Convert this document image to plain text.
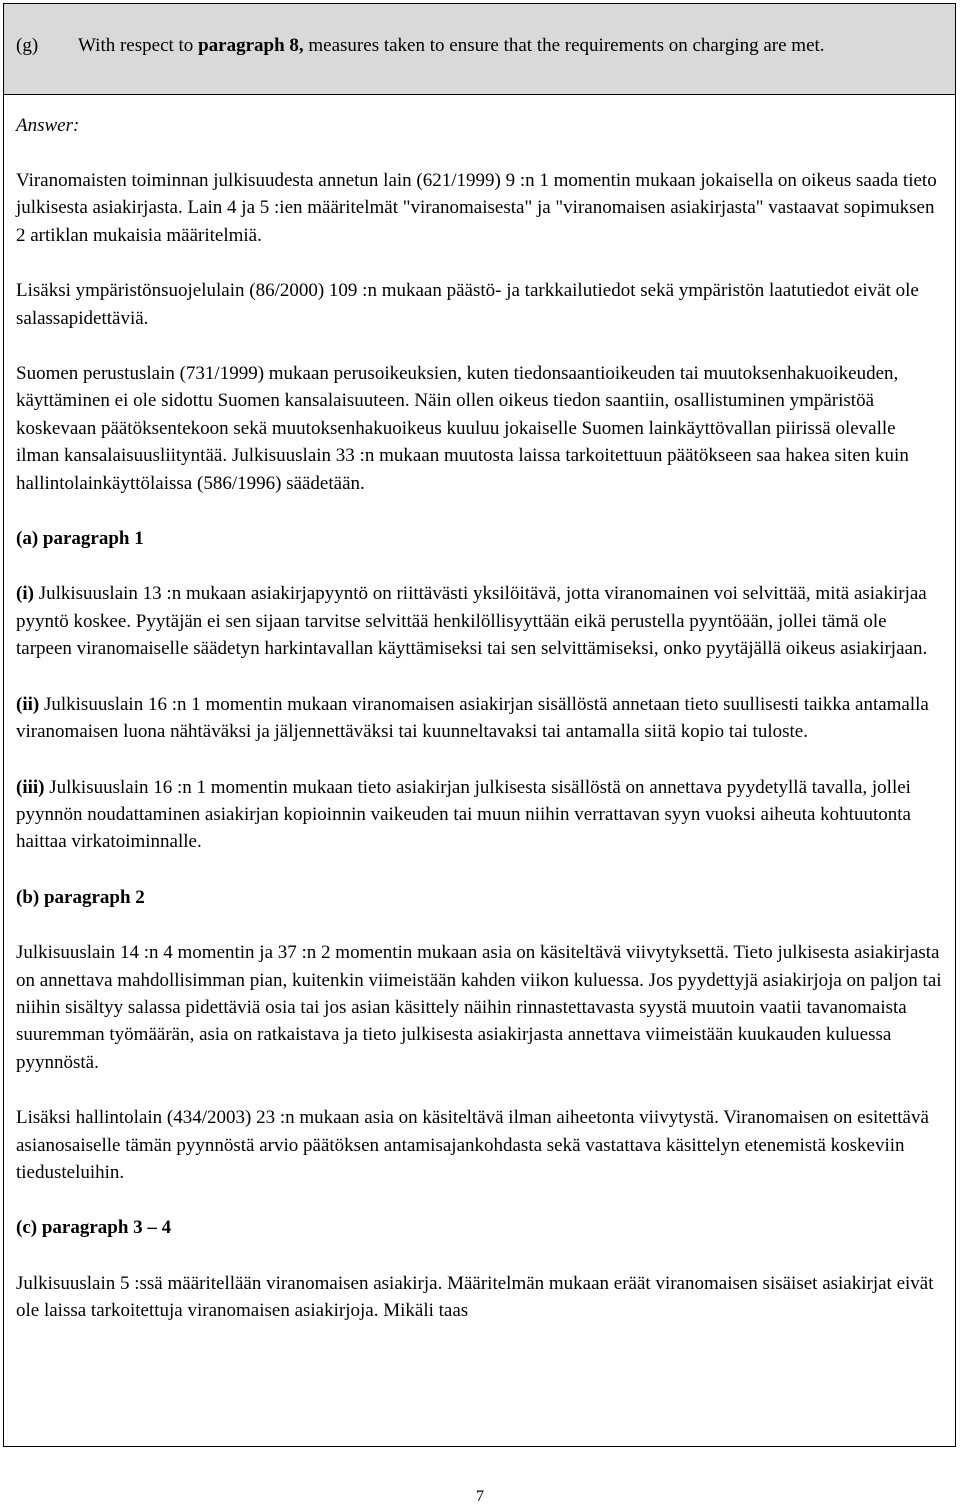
(g) With respect to paragraph 8, measures taken to ensure that the requirements on charging are met.
Answer:

Viranomaisten toiminnan julkisuudesta annetun lain (621/1999) 9 :n 1 momentin mukaan jokaisella on oikeus saada tieto julkisesta asiakirjasta. Lain 4 ja 5 :ien määritelmät "viranomaisesta" ja "viranomaisen asiakirjasta" vastaavat sopimuksen 2 artiklan mukaisia määritelmiä.

Lisäksi ympäristönsuojelulain (86/2000) 109 :n mukaan päästö- ja tarkkailutiedot sekä ympäristön laatutiedot eivät ole salassapidettäviä.

Suomen perustuslain (731/1999) mukaan perusoikeuksien, kuten tiedonsaantioikeuden tai muutoksenhakuoikeuden, käyttäminen ei ole sidottu Suomen kansalaisuuteen. Näin ollen oikeus tiedon saantiin, osallistuminen ympäristöä koskevaan päätöksentekoon sekä muutoksenhakuoikeus kuuluu jokaiselle Suomen lainkäyttövallan piirissä olevalle ilman kansalaisuusliityntää. Julkisuuslain 33 :n mukaan muutosta laissa tarkoitettuun päätökseen saa hakea siten kuin hallintolainkäyttölaissa (586/1996) säädetään.

(a) paragraph 1

(i) Julkisuuslain 13 :n mukaan asiakirjapyyntö on riittävästi yksilöitävä, jotta viranomainen voi selvittää, mitä asiakirjaa pyyntö koskee. Pyytäjän ei sen sijaan tarvitse selvittää henkilöllisyyttään eikä perustella pyyntöään, jollei tämä ole tarpeen viranomaiselle säädetyn harkintavallan käyttämiseksi tai sen selvittämiseksi, onko pyytäjällä oikeus asiakirjaan.

(ii) Julkisuuslain 16 :n 1 momentin mukaan viranomaisen asiakirjan sisällöstä annetaan tieto suullisesti taikka antamalla viranomaisen luona nähtäväksi ja jäljennettäväksi tai kuunneltavaksi tai antamalla siitä kopio tai tuloste.

(iii) Julkisuuslain 16 :n 1 momentin mukaan tieto asiakirjan julkisesta sisällöstä on annettava pyydetyllä tavalla, jollei pyynnön noudattaminen asiakirjan kopioinnin vaikeuden tai muun niihin verrattavan syyn vuoksi aiheuta kohtuutonta haittaa virkatoiminnalle.

(b) paragraph 2

Julkisuuslain 14 :n 4 momentin ja 37 :n 2 momentin mukaan asia on käsiteltävä viivytyksettä. Tieto julkisesta asiakirjasta on annettava mahdollisimman pian, kuitenkin viimeistään kahden viikon kuluessa. Jos pyydettyjä asiakirjoja on paljon tai niihin sisältyy salassa pidettäviä osia tai jos asian käsittely näihin rinnastettavasta syystä muutoin vaatii tavanomaista suuremman työmäärän, asia on ratkaistava ja tieto julkisesta asiakirjasta annettava viimeistään kuukauden kuluessa pyynnöstä.

Lisäksi hallintolain (434/2003) 23 :n mukaan asia on käsiteltävä ilman aiheetonta viivytystä. Viranomaisen on esitettävä asianosaiselle tämän pyynnöstä arvio päätöksen antamisajankohdasta sekä vastattava käsittelyn etenemistä koskeviin tiedusteluihin.

(c) paragraph 3 – 4

Julkisuuslain 5 :ssä määritellään viranomaisen asiakirja. Määritelmän mukaan eräät viranomaisen sisäiset asiakirjat eivät ole laissa tarkoitettuja viranomaisen asiakirjoja. Mikäli taas

7
